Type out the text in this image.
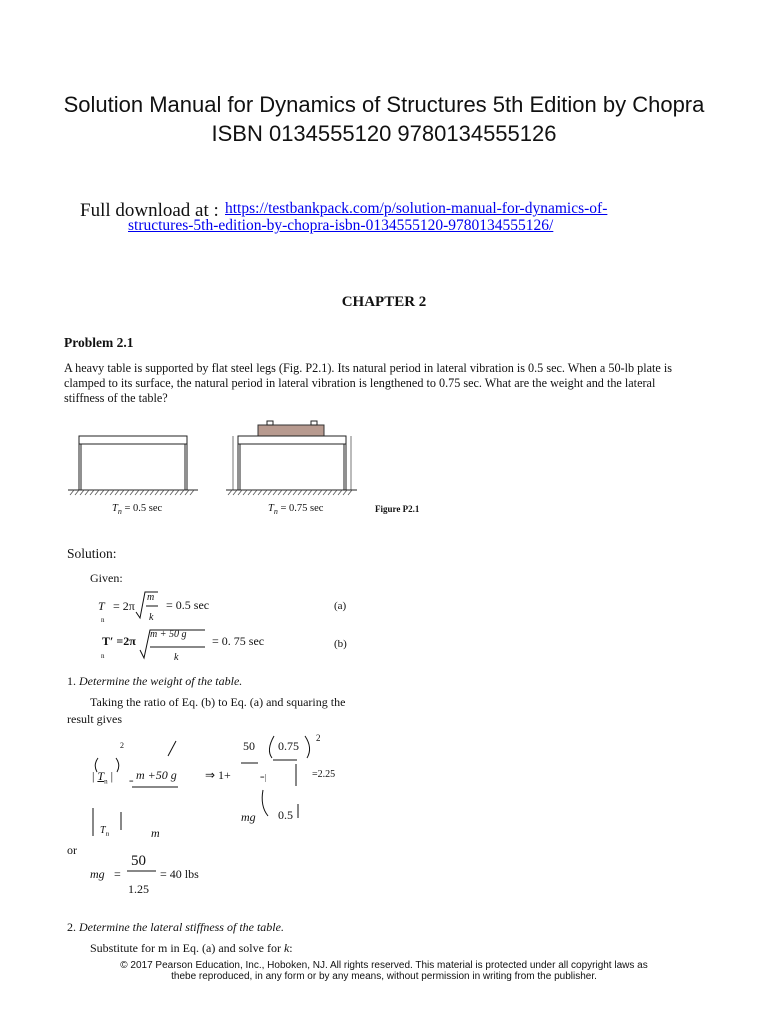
Solution Manual for Dynamics of Structures 5th Edition by Chopra ISBN 0134555120 9780134555126
Full download at : https://testbankpack.com/p/solution-manual-for-dynamics-of-
structures-5th-edition-by-chopra-isbn-0134555120-9780134555126/
CHAPTER 2
Problem 2.1
A heavy table is supported by flat steel legs (Fig. P2.1). Its natural period in lateral vibration is 0.5 sec. When a 50-lb plate is clamped to its surface, the natural period in lateral vibration is lengthened to 0.75 sec. What are the weight and the lateral stiffness of the table?
$T_n = 0.5$ sec	$T_n = 0.75$ sec	Figure P2.1
Solution:
Given:
T
n
= 2π
m
k
= 0.5 sec	(a)
T′ =2π
n
m + 50 g
k
= 0. 75 sec	(b)
1. Determine the weight of the table.
Taking the ratio of Eq. (b) to Eq. (a) and squaring the
result gives
2
| $T_n$ | = m +50 g
$T_n$	m
50 0.75
2
⇒ 1+	=|	=2.25
mg 0.5
or
mg =
50
1.25
= 40 lbs
2. Determine the lateral stiffness of the table.
Substitute for m in Eq. (a) and solve for k:
© 2017 Pearson Education, Inc., Hoboken, NJ. All rights reserved. This material is protected under all copyright laws as
thebe reproduced, in any form or by any means, without permission in writing from the publisher.
